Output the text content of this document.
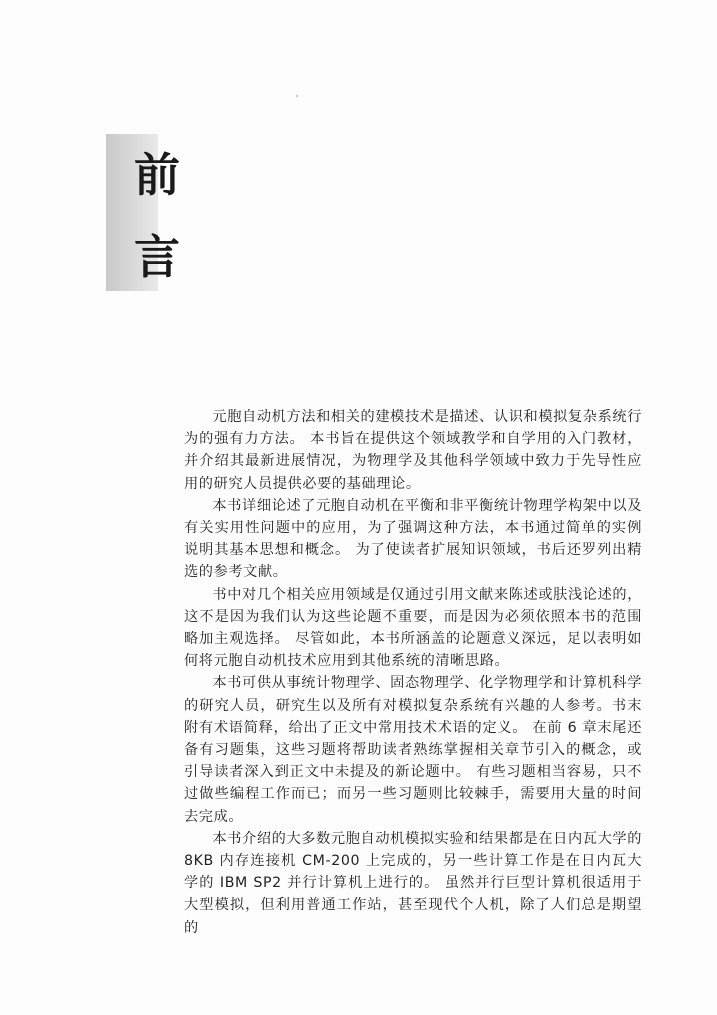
前
言

元胞自动机方法和相关的建模技术是描述、认识和模拟复杂系统行为的强有力方法。 本书旨在提供这个领域教学和自学用的入门教材，并介绍其最新进展情况，为物理学及其他科学领域中致力于先导性应用的研究人员提供必要的基础理论。

本书详细论述了元胞自动机在平衡和非平衡统计物理学构架中以及有关实用性问题中的应用，为了强调这种方法，本书通过简单的实例说明其基本思想和概念。 为了使读者扩展知识领域，书后还罗列出精选的参考文献。

书中对几个相关应用领域是仅通过引用文献来陈述或肤浅论述的，这不是因为我们认为这些论题不重要，而是因为必须依照本书的范围略加主观选择。 尽管如此，本书所涵盖的论题意义深远，足以表明如何将元胞自动机技术应用到其他系统的清晰思路。

本书可供从事统计物理学、固态物理学、化学物理学和计算机科学的研究人员，研究生以及所有对模拟复杂系统有兴趣的人参考。书末附有术语简释，给出了正文中常用技术术语的定义。 在前 6 章末尾还备有习题集，这些习题将帮助读者熟练掌握相关章节引入的概念，或引导读者深入到正文中未提及的新论题中。 有些习题相当容易，只不过做些编程工作而已；而另一些习题则比较棘手，需要用大量的时间去完成。

本书介绍的大多数元胞自动机模拟实验和结果都是在日内瓦大学的 8KB 内存连接机 CM-200 上完成的，另一些计算工作是在日内瓦大学的 IBM SP2 并行计算机上进行的。 虽然并行巨型计算机很适用于大型模拟，但利用普通工作站，甚至现代个人机，除了人们总是期望的
